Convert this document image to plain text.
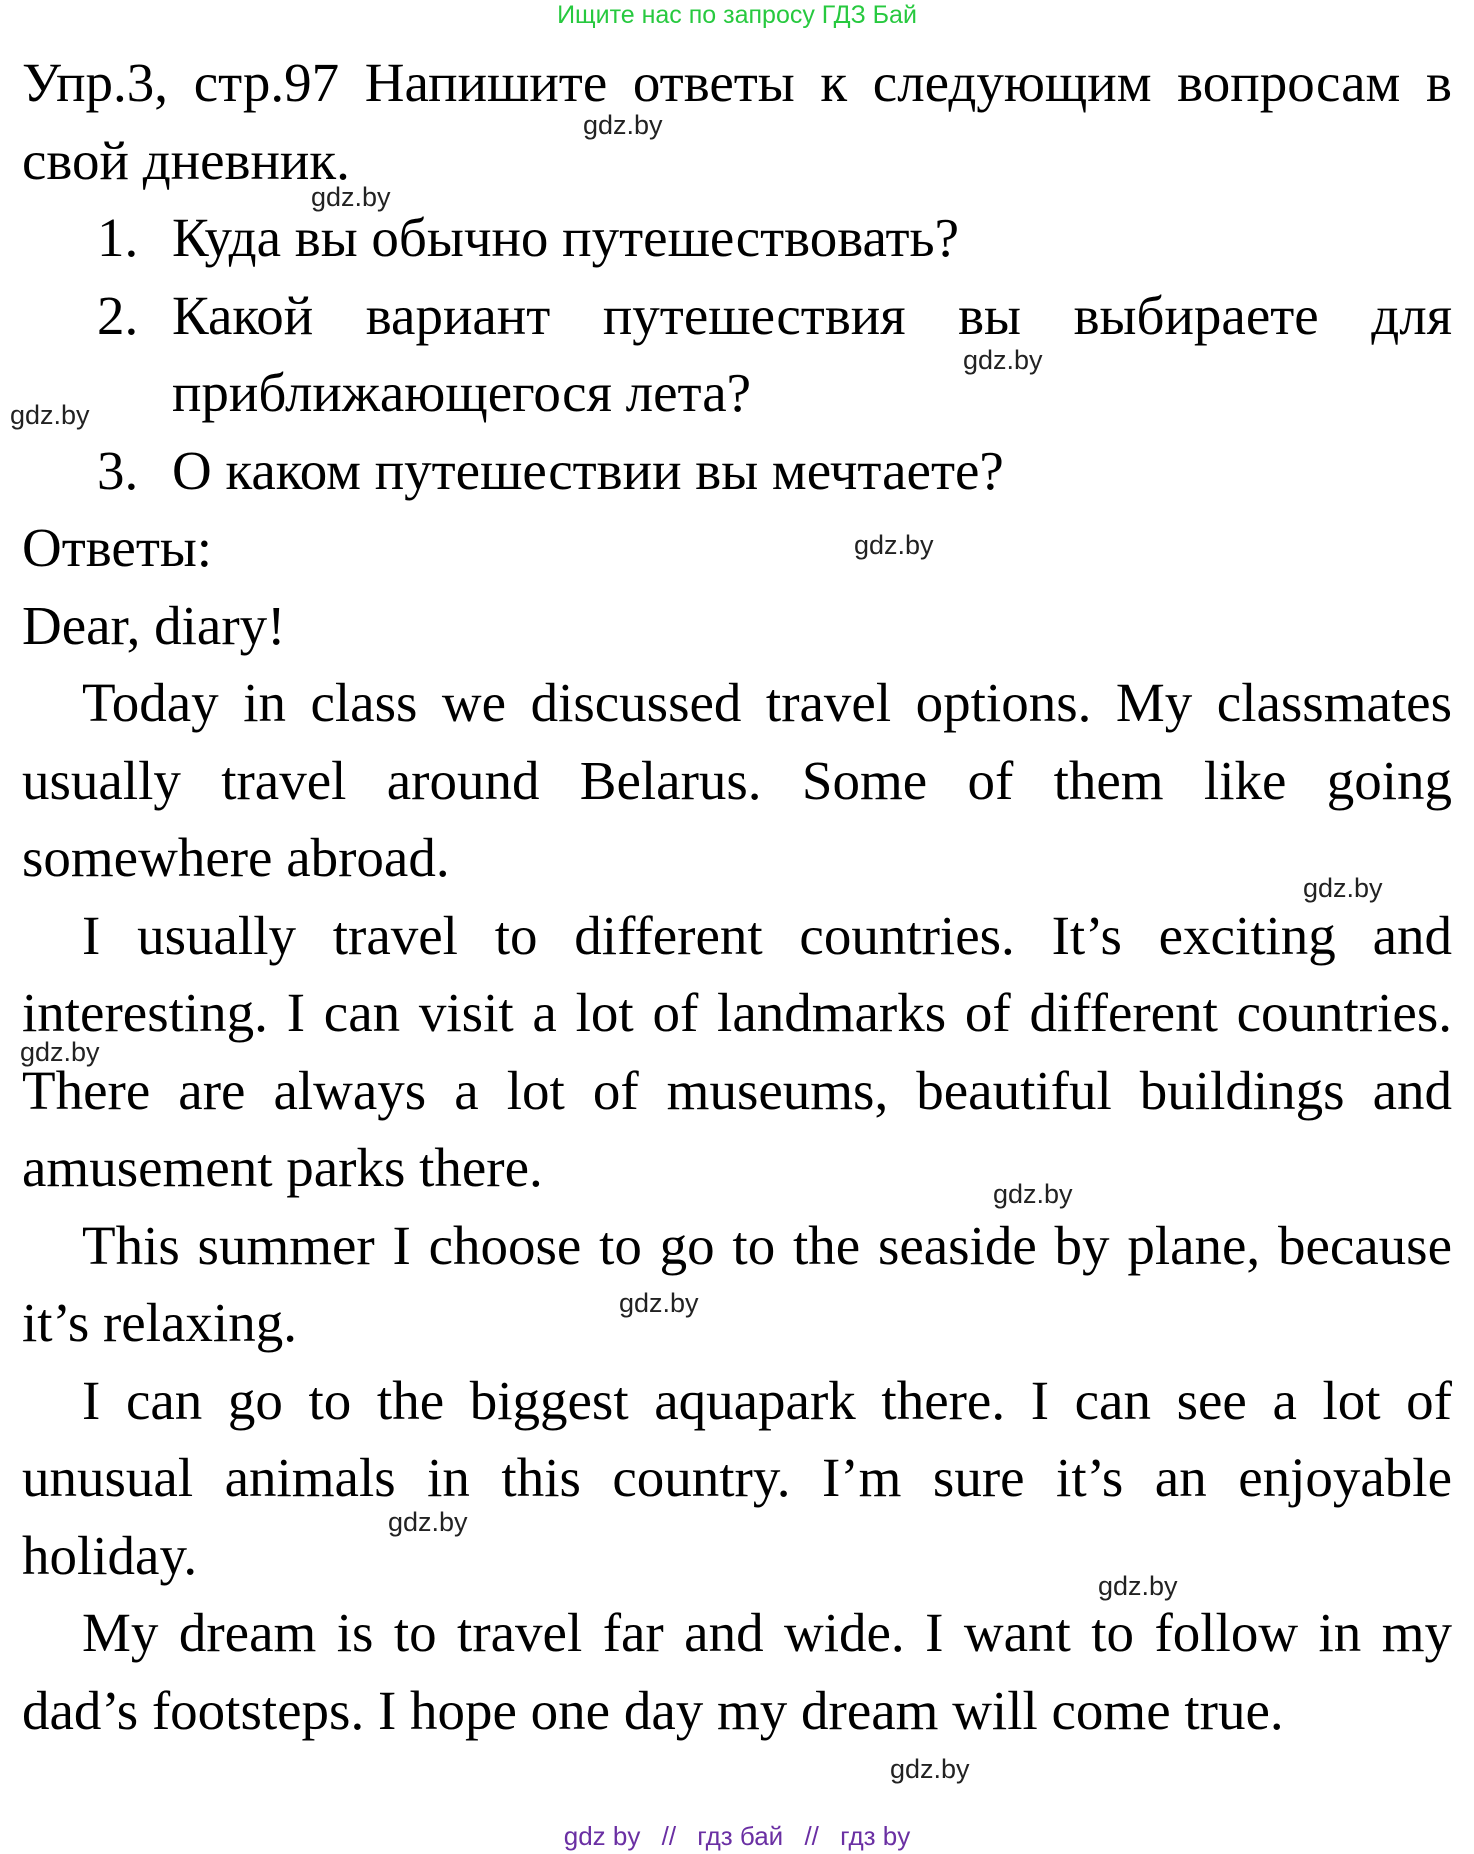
Ищите нас по запросу ГДЗ Бай

Упр.3, стр.97 Напишите ответы к следующим вопросам в свой дневник.

1. Куда вы обычно путешествовать?
2. Какой вариант путешествия вы выбираете для приближающегося лета?
3. О каком путешествии вы мечтаете?

Ответы:

Dear, diary!

Today in class we discussed travel options. My classmates usually travel around Belarus. Some of them like going somewhere abroad.

I usually travel to different countries. It’s exciting and interesting. I can visit a lot of landmarks of different countries. There are always a lot of museums, beautiful buildings and amusement parks there.

This summer I choose to go to the seaside by plane, because it’s relaxing.

I can go to the biggest aquapark there. I can see a lot of unusual animals in this country. I’m sure it’s an enjoyable holiday.

My dream is to travel far and wide. I want to follow in my dad’s footsteps. I hope one day my dream will come true.

gdz.by
gdz.by
gdz.by
gdz.by
gdz.by
gdz.by
gdz.by
gdz.by
gdz.by
gdz.by
gdz.by
gdz.by
gdz by // гдз бай // гдз by
